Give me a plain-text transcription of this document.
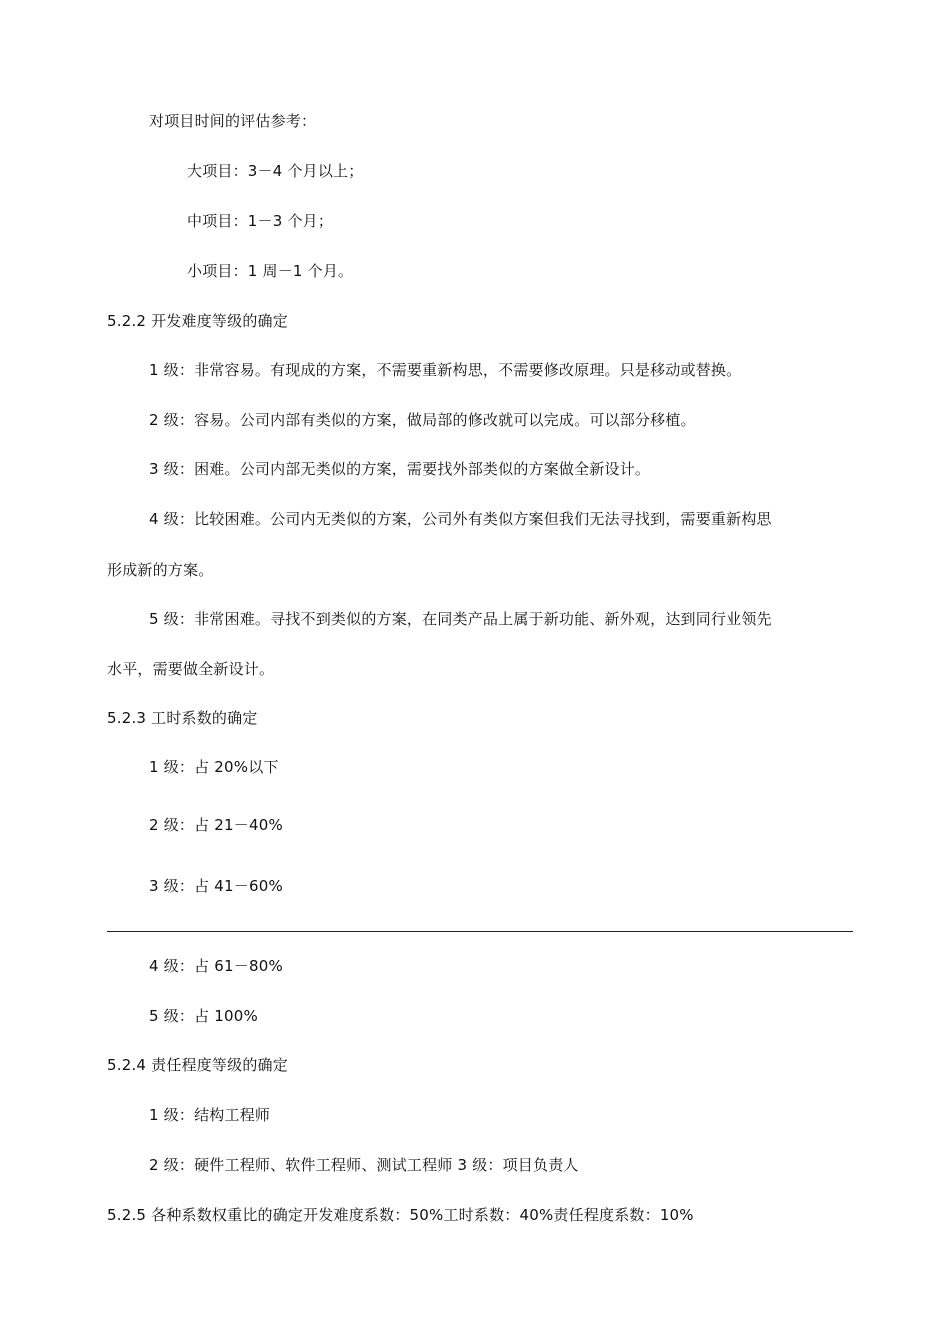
对项目时间的评估参考：
大项目：3－4 个月以上；
中项目：1－3 个月；
小项目：1 周－1 个月。
5.2.2 开发难度等级的确定
1 级：非常容易。有现成的方案，不需要重新构思，不需要修改原理。只是移动或替换。
2 级：容易。公司内部有类似的方案，做局部的修改就可以完成。可以部分移植。
3 级：困难。公司内部无类似的方案，需要找外部类似的方案做全新设计。
4 级：比较困难。公司内无类似的方案，公司外有类似方案但我们无法寻找到，需要重新构思
形成新的方案。
5 级：非常困难。寻找不到类似的方案，在同类产品上属于新功能、新外观，达到同行业领先
水平，需要做全新设计。
5.2.3 工时系数的确定
1 级：占 20%以下
2 级：占 21－40%
3 级：占 41－60%
4 级：占 61－80%
5 级：占 100%
5.2.4 责任程度等级的确定
1 级：结构工程师
2 级：硬件工程师、软件工程师、测试工程师 3 级：项目负责人
5.2.5 各种系数权重比的确定开发难度系数：50%工时系数：40%责任程度系数：10%
